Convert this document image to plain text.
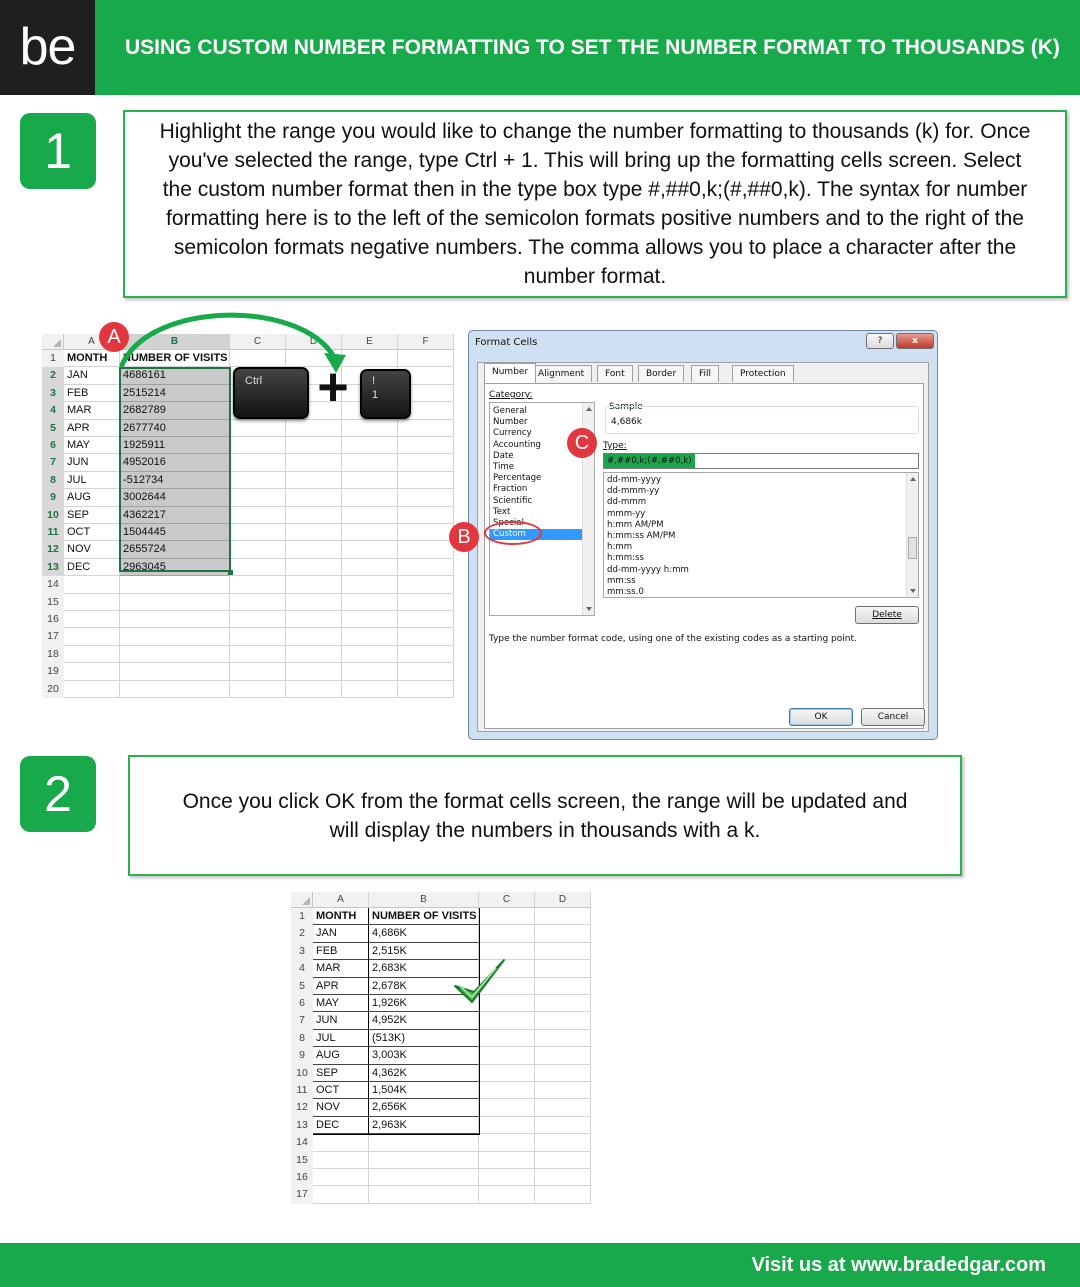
be	USING CUSTOM NUMBER FORMATTING TO SET THE NUMBER FORMAT TO THOUSANDS (K)
1	Highlight the range you would like to change the number formatting to thousands (k) for. Once you've selected the range, type Ctrl + 1. This will bring up the formatting cells screen. Select the custom number format then in the type box type #,##0,k;(#,##0,k). The syntax for number formatting here is to the left of the semicolon formats positive numbers and to the right of the semicolon formats negative numbers. The comma allows you to place a character after the number format.

A	B	C	D	E	F
1	MONTH	NUMBER OF VISITS
2	JAN	4686161
3	FEB	2515214
4	MAR	2682789
5	APR	2677740
6	MAY	1925911
7	JUN	4952016
8	JUL	-512734
9	AUG	3002644
10 SEP	4362217
11 OCT	1504445
12 NOV	2655724
13 DEC	2963045
14
15
16
17
18
19
20
A
Ctrl	+	!
1
Format Cells	?	x
Number	Alignment	Font	Border	Fill	Protection
Category:
General
Number
Currency
Accounting
Date
Time
Percentage
Fraction
Scientific
Text
Special
Custom
Sample
4,686k
Type:
#,##0,k;(#,##0,k)
dd-mm-yyyy
dd-mmm-yy
dd-mmm
mmm-yy
h:mm AM/PM
h:mm:ss AM/PM
h:mm
h:mm:ss
dd-mm-yyyy h:mm
mm:ss
mm:ss.0
Delete
Type the number format code, using one of the existing codes as a starting point.
OK	Cancel
B
C
2	Once you click OK from the format cells screen, the range will be updated and will display the numbers in thousands with a k.

A	B	C	D
1	MONTH	NUMBER OF VISITS
2	JAN	4,686K
3	FEB	2,515K
4	MAR	2,683K
5	APR	2,678K
6	MAY	1,926K
7	JUN	4,952K
8	JUL	(513K)
9	AUG	3,003K
10 SEP	4,362K
11 OCT	1,504K
12 NOV	2,656K
13 DEC	2,963K
14
15
16
17
Visit us at www.bradedgar.com
